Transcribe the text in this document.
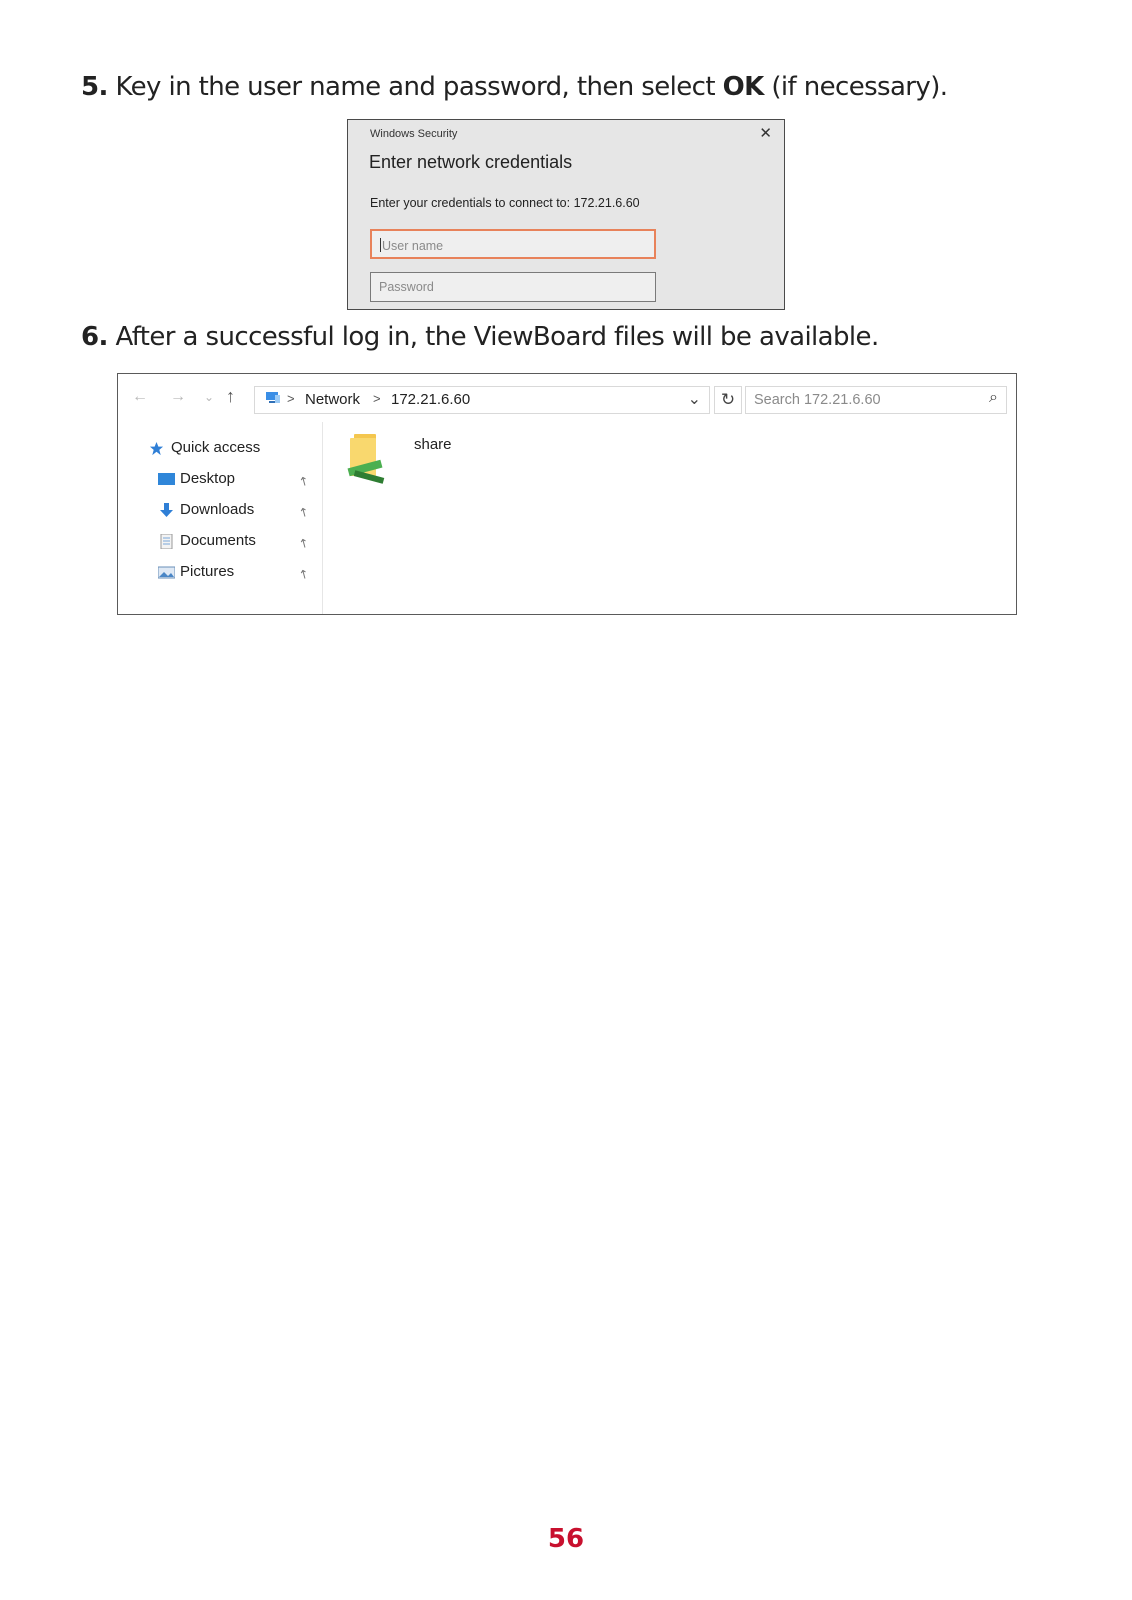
5. Key in the user name and password, then select OK (if necessary).
Windows Security	✕
Enter network credentials
Enter your credentials to connect to: 172.21.6.60
User name
Password
6. After a successful log in, the ViewBoard files will be available.
← → ⌄ ↑	> Network > 172.21.6.60	⌄	↻	Search 172.21.6.60	⌕
Quick access
Desktop	↖
Downloads	↖
Documents	↖
Pictures	↖
share
56
